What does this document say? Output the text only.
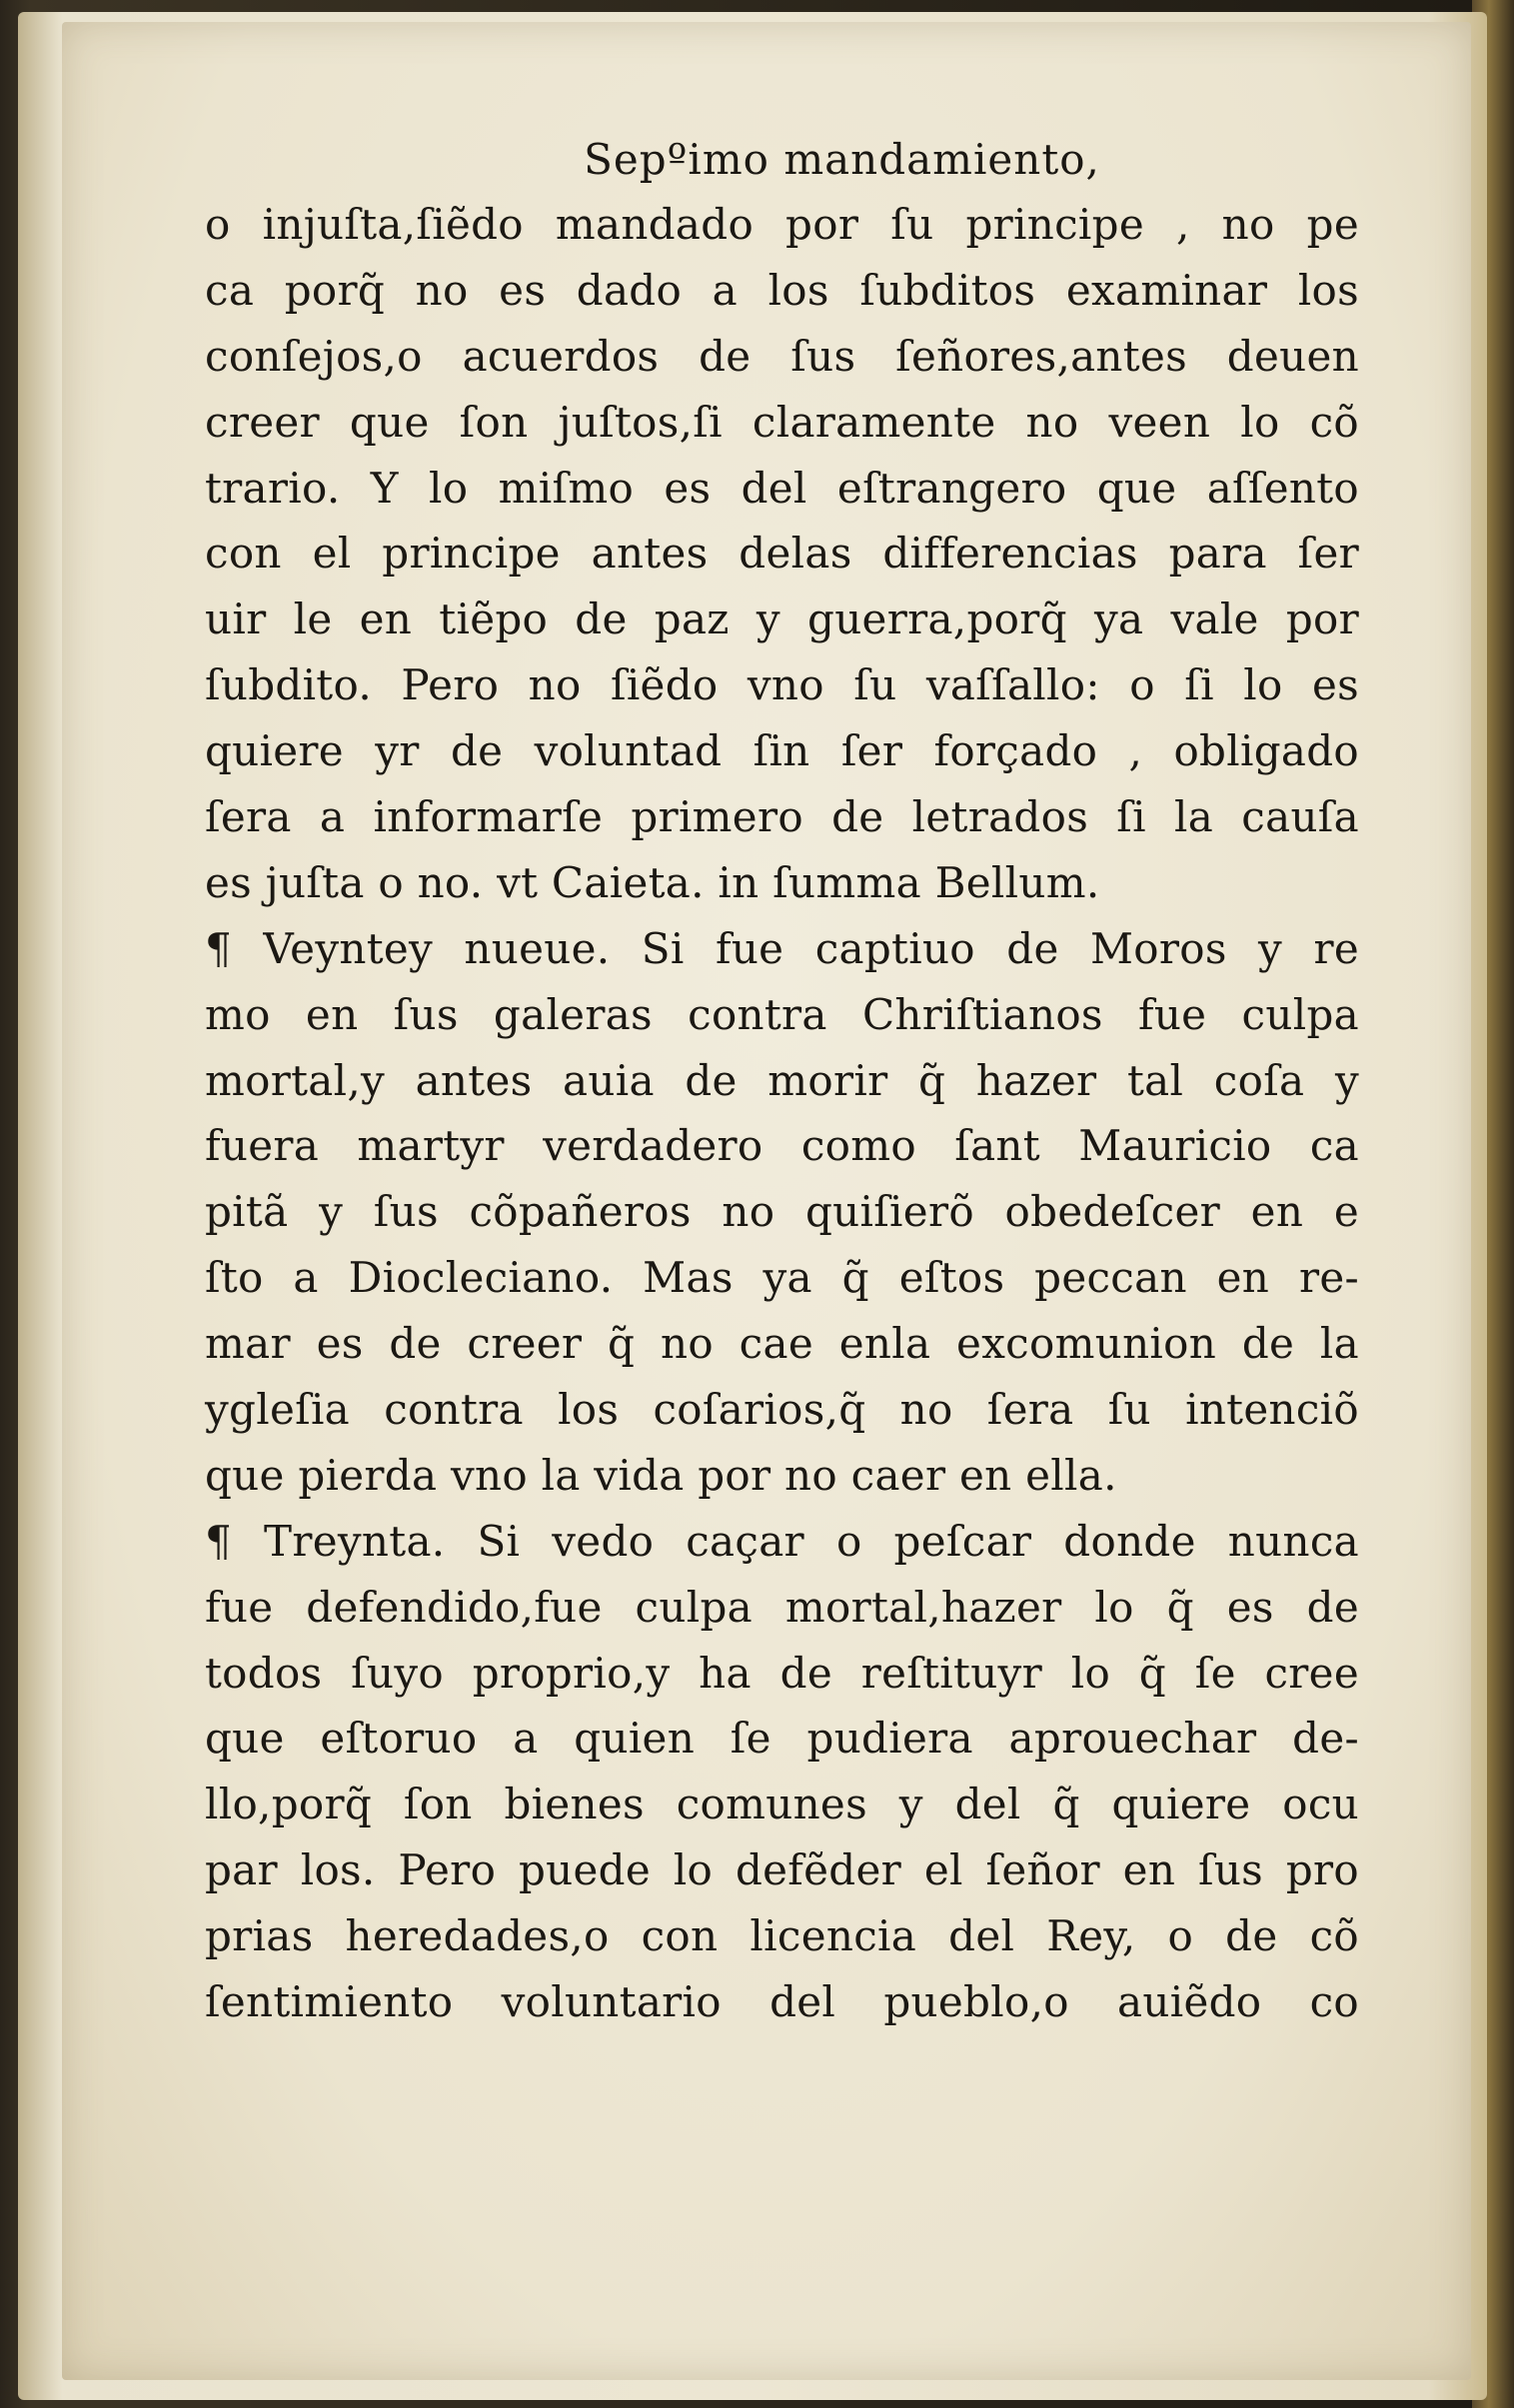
Sepºimo mandamiento,
o injuſta,ſiẽdo mandado por ſu principe , no pe
ca porq̃ no es dado a los ſubditos examinar los
conſejos,o acuerdos de ſus ſeñores,antes deuen
creer que ſon juſtos,ſi claramente no veen lo cõ
trario. Y lo miſmo es del eſtrangero que aſſento
con el principe antes delas differencias para ſer
uir le en tiẽpo de paz y guerra,porq̃ ya vale por
ſubdito. Pero no ſiẽdo vno ſu vaſſallo: o ſi lo es
quiere yr de voluntad ſin ſer forçado , obligado
ſera a informarſe primero de letrados ſi la cauſa
es juſta o no. vt Caieta. in ſumma Bellum.
¶ Veyntey nueue. Si fue captiuo de Moros y re
mo en ſus galeras contra Chriſtianos fue culpa
mortal,y antes auia de morir q̃ hazer tal coſa y
fuera martyr verdadero como ſant Mauricio ca
pitã y ſus cõpañeros no quiſierõ obedeſcer en e
ſto a Diocleciano. Mas ya q̃ eſtos peccan en re-
mar es de creer q̃ no cae enla excomunion de la
ygleſia contra los coſarios,q̃ no ſera ſu intenciõ
que pierda vno la vida por no caer en ella.
¶ Treynta. Si vedo caçar o peſcar donde nunca
fue defendido,fue culpa mortal,hazer lo q̃ es de
todos ſuyo proprio,y ha de reſtituyr lo q̃ ſe cree
que eſtoruo a quien ſe pudiera aprouechar de-
llo,porq̃ ſon bienes comunes y del q̃ quiere ocu
par los. Pero puede lo defẽder el ſeñor en ſus pro
prias heredades,o con licencia del Rey, o de cõ
ſentimiento voluntario del pueblo,o auiẽdo co
